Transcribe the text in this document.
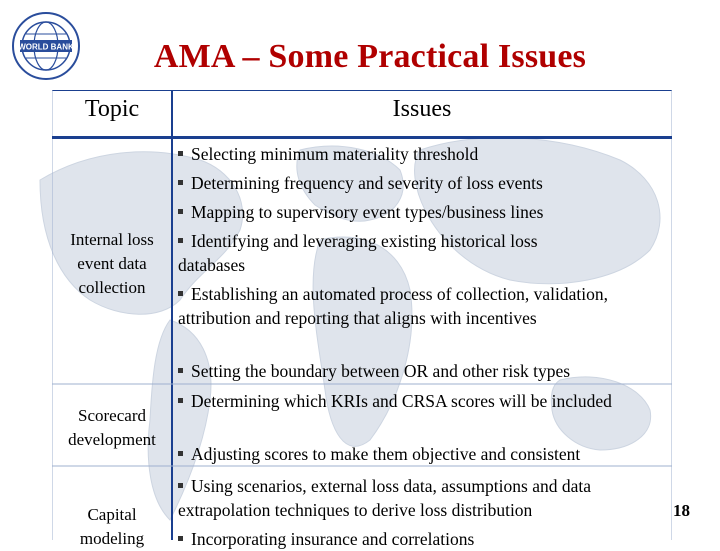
WORLD BANK	AMA – Some Practical Issues
Topic	Issues
Internal loss
event data
collection
Selecting minimum materiality threshold
Determining frequency and severity of loss events
Mapping to supervisory event types/business lines
Identifying and leveraging existing historical loss databases
Establishing an automated process of collection, validation, attribution and reporting that aligns with incentives
Setting the boundary between OR and other risk types
Scorecard
development
Determining which KRIs and CRSA scores will be included
Adjusting scores to make them objective and consistent
Capital
modeling
Using scenarios, external loss data, assumptions and data extrapolation techniques to derive loss distribution
Incorporating insurance and correlations
18
